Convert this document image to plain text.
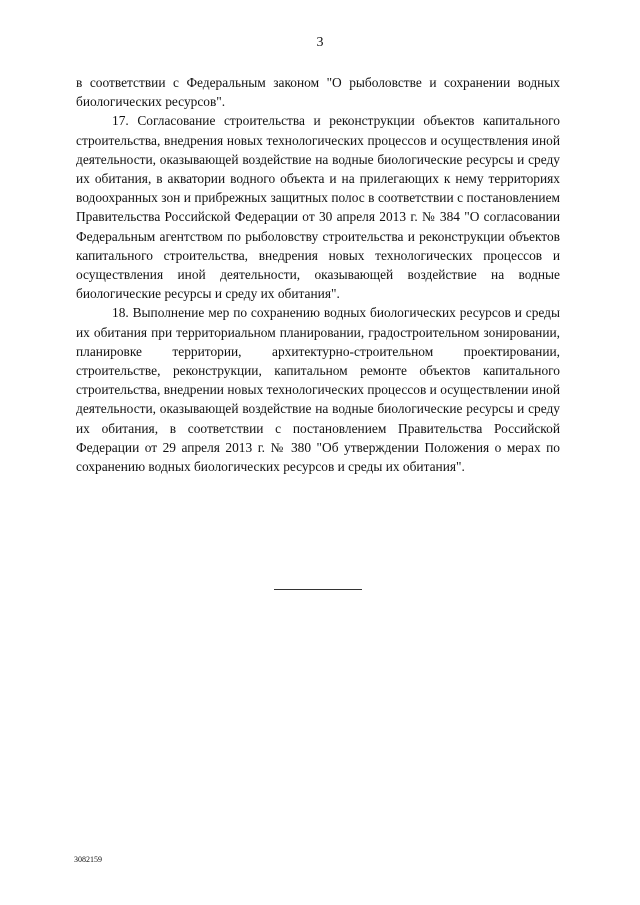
3

в соответствии с Федеральным законом "О рыболовстве и сохранении водных биологических ресурсов".

17. Согласование строительства и реконструкции объектов капитального строительства, внедрения новых технологических процессов и осуществления иной деятельности, оказывающей воздействие на водные биологические ресурсы и среду их обитания, в акватории водного объекта и на прилегающих к нему территориях водоохранных зон и прибрежных защитных полос в соответствии с постановлением Правительства Российской Федерации от 30 апреля 2013 г. № 384 "О согласовании Федеральным агентством по рыболовству строительства и реконструкции объектов капитального строительства, внедрения новых технологических процессов и осуществления иной деятельности, оказывающей воздействие на водные биологические ресурсы и среду их обитания".

18. Выполнение мер по сохранению водных биологических ресурсов и среды их обитания при территориальном планировании, градостроительном зонировании, планировке территории, архитектурно-строительном проектировании, строительстве, реконструкции, капитальном ремонте объектов капитального строительства, внедрении новых технологических процессов и осуществлении иной деятельности, оказывающей воздействие на водные биологические ресурсы и среду их обитания, в соответствии с постановлением Правительства Российской Федерации от 29 апреля 2013 г. № 380 "Об утверждении Положения о мерах по сохранению водных биологических ресурсов и среды их обитания".

3082159
